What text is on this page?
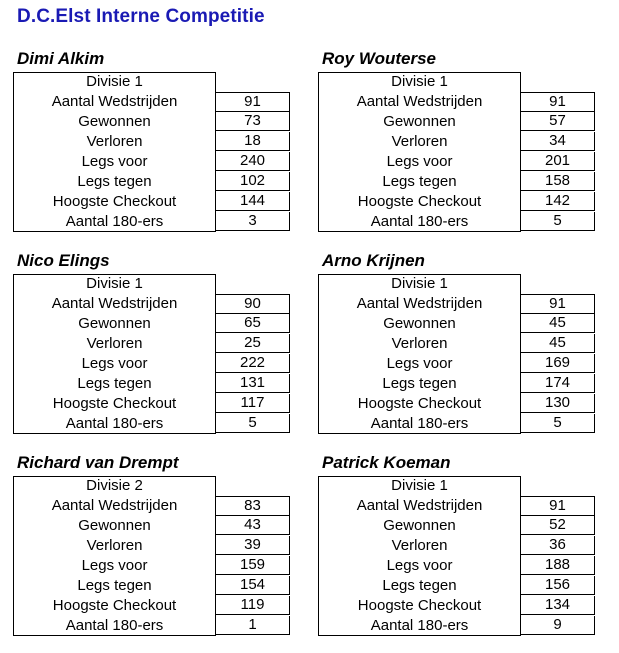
D.C.Elst Interne Competitie
Dimi Alkim
Divisie 1
Aantal Wedstrijden	91
Gewonnen	73
Verloren	18
Legs voor	240
Legs tegen	102
Hoogste Checkout	144
Aantal 180-ers	3
Roy Wouterse
Divisie 1
Aantal Wedstrijden	91
Gewonnen	57
Verloren	34
Legs voor	201
Legs tegen	158
Hoogste Checkout	142
Aantal 180-ers	5
Nico Elings
Divisie 1
Aantal Wedstrijden	90
Gewonnen	65
Verloren	25
Legs voor	222
Legs tegen	131
Hoogste Checkout	117
Aantal 180-ers	5
Arno Krijnen
Divisie 1
Aantal Wedstrijden	91
Gewonnen	45
Verloren	45
Legs voor	169
Legs tegen	174
Hoogste Checkout	130
Aantal 180-ers	5
Richard van Drempt
Divisie 2
Aantal Wedstrijden	83
Gewonnen	43
Verloren	39
Legs voor	159
Legs tegen	154
Hoogste Checkout	119
Aantal 180-ers	1
Patrick Koeman
Divisie 1
Aantal Wedstrijden	91
Gewonnen	52
Verloren	36
Legs voor	188
Legs tegen	156
Hoogste Checkout	134
Aantal 180-ers	9
